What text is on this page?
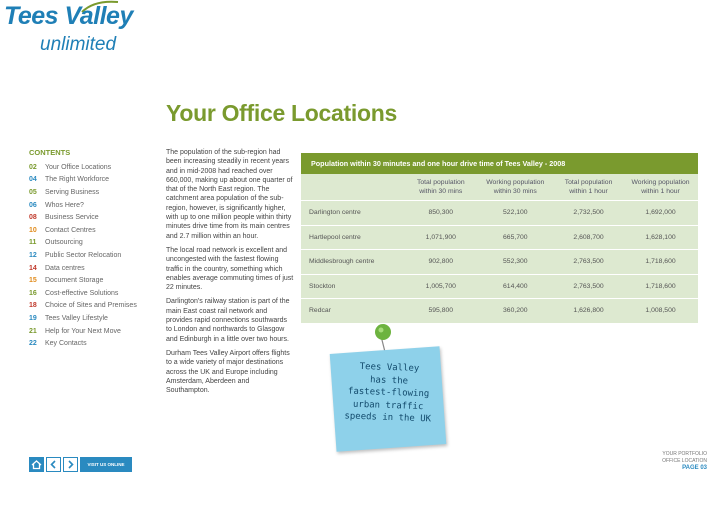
Tees Valley
unlimited
Your Office Locations
CONTENTS
02	Your Office Locations
04	The Right Workforce
05	Serving Business
06	Whos Here?
08	Business Service
10	Contact Centres
11	Outsourcing
12	Public Sector Relocation
14	Data centres
15	Document Storage
16	Cost-effective Solutions
18	Choice of Sites and Premises
19	Tees Valley Lifestyle
21	Help for Your Next Move
22	Key Contacts

The population of the sub-region had been increasing steadily in recent years and in mid-2008 had reached over 660,000, making up about one quarter of that of the North East region. The catchment area population of the sub-region, however, is significantly higher, with up to one million people within thirty minutes drive time from its main centres and 2.7 million within an hour.

The local road network is excellent and uncongested with the fastest flowing traffic in the country, something which enables average commuting times of just 22 minutes.

Darlington's railway station is part of the main East coast rail network and provides rapid connections southwards to London and northwards to Glasgow and Edinburgh in a little over two hours.

Durham Tees Valley Airport offers flights to a wide variety of major destinations across the UK and Europe including Amsterdam, Aberdeen and Southampton.

Population within 30 minutes and one hour drive time of Tees Valley - 2008
	Total population within 30 mins	Working population within 30 mins	Total population within 1 hour	Working population within 1 hour
Darlington centre	850,300	522,100	2,732,500	1,692,000
Hartlepool centre	1,071,900	665,700	2,608,700	1,628,100
Middlesbrough centre	902,800	552,300	2,763,500	1,718,600
Stockton	1,005,700	614,400	2,763,500	1,718,600
Redcar	595,800	360,200	1,626,800	1,008,500
Tees Valley
has the
fastest-flowing
urban traffic
speeds in the UK
VISIT US ONLINE
YOUR PORTFOLIO
OFFICE LOCATION
PAGE 03
